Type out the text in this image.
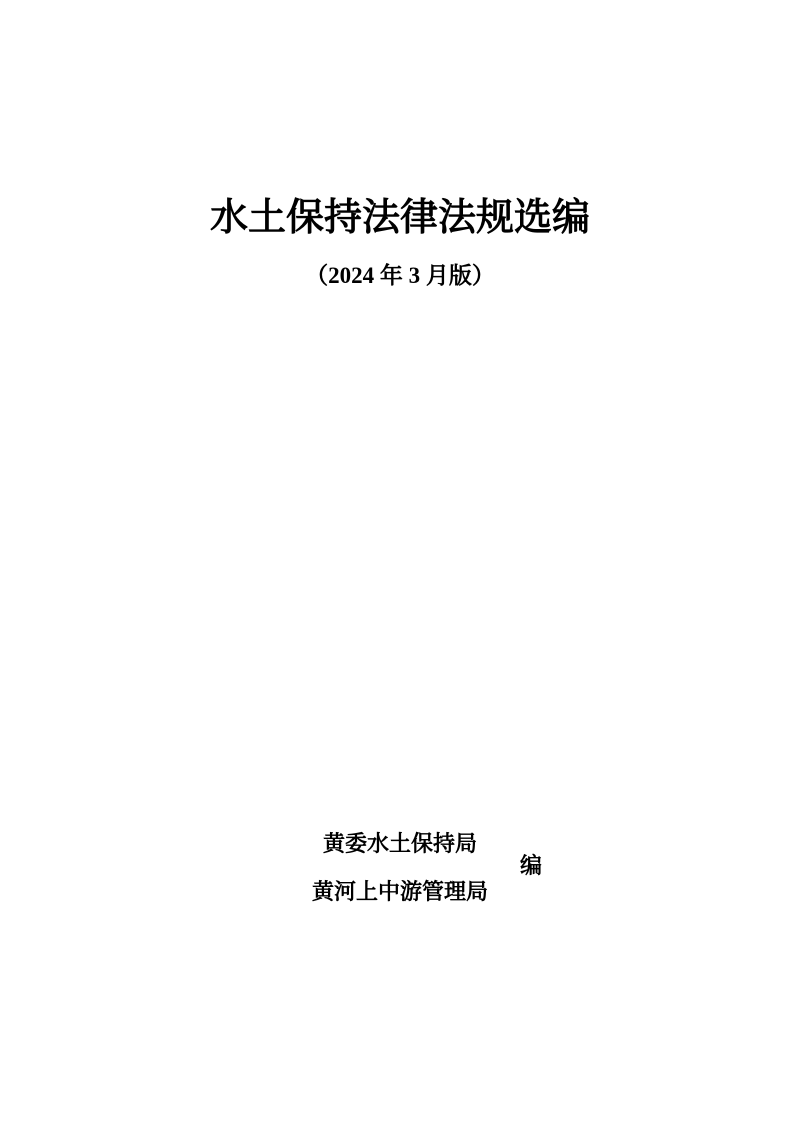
水土保持法律法规选编
（2024 年 3 月版）
黄委水土保持局
黄河上中游管理局
编
